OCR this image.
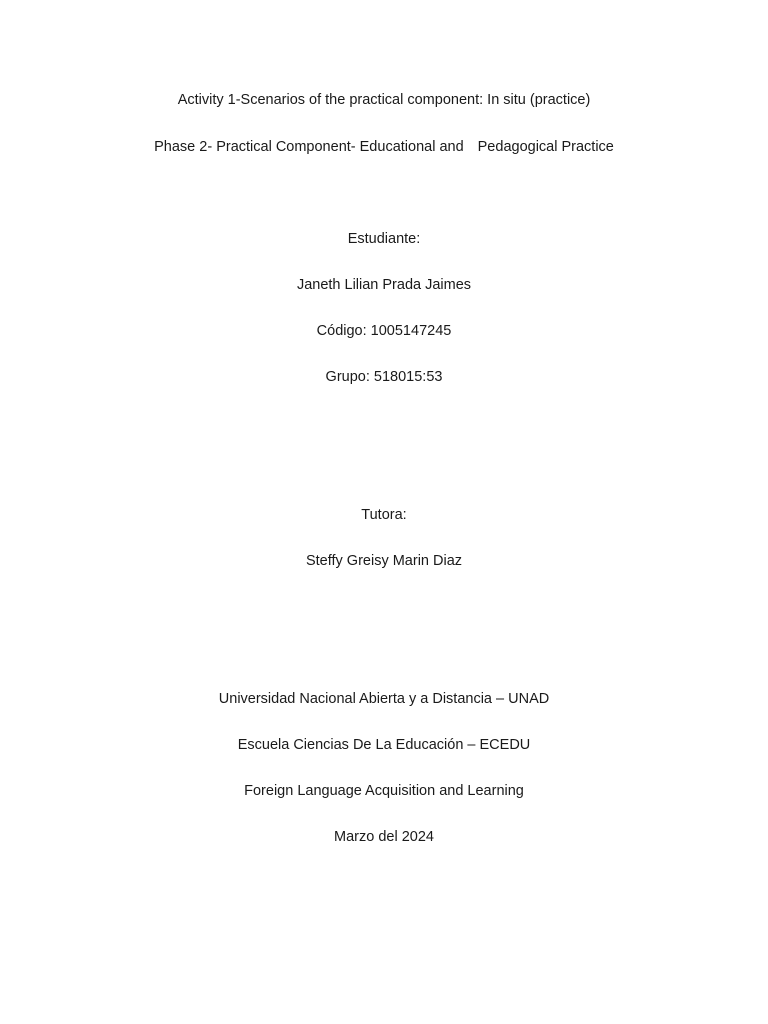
Activity 1-Scenarios of the practical component: In situ (practice)
Phase 2- Practical Component- Educational and Pedagogical Practice
Estudiante:
Janeth Lilian Prada Jaimes
Código: 1005147245
Grupo: 518015:53
Tutora:
Steffy Greisy Marin Diaz
Universidad Nacional Abierta y a Distancia – UNAD
Escuela Ciencias De La Educación – ECEDU
Foreign Language Acquisition and Learning
Marzo del 2024
